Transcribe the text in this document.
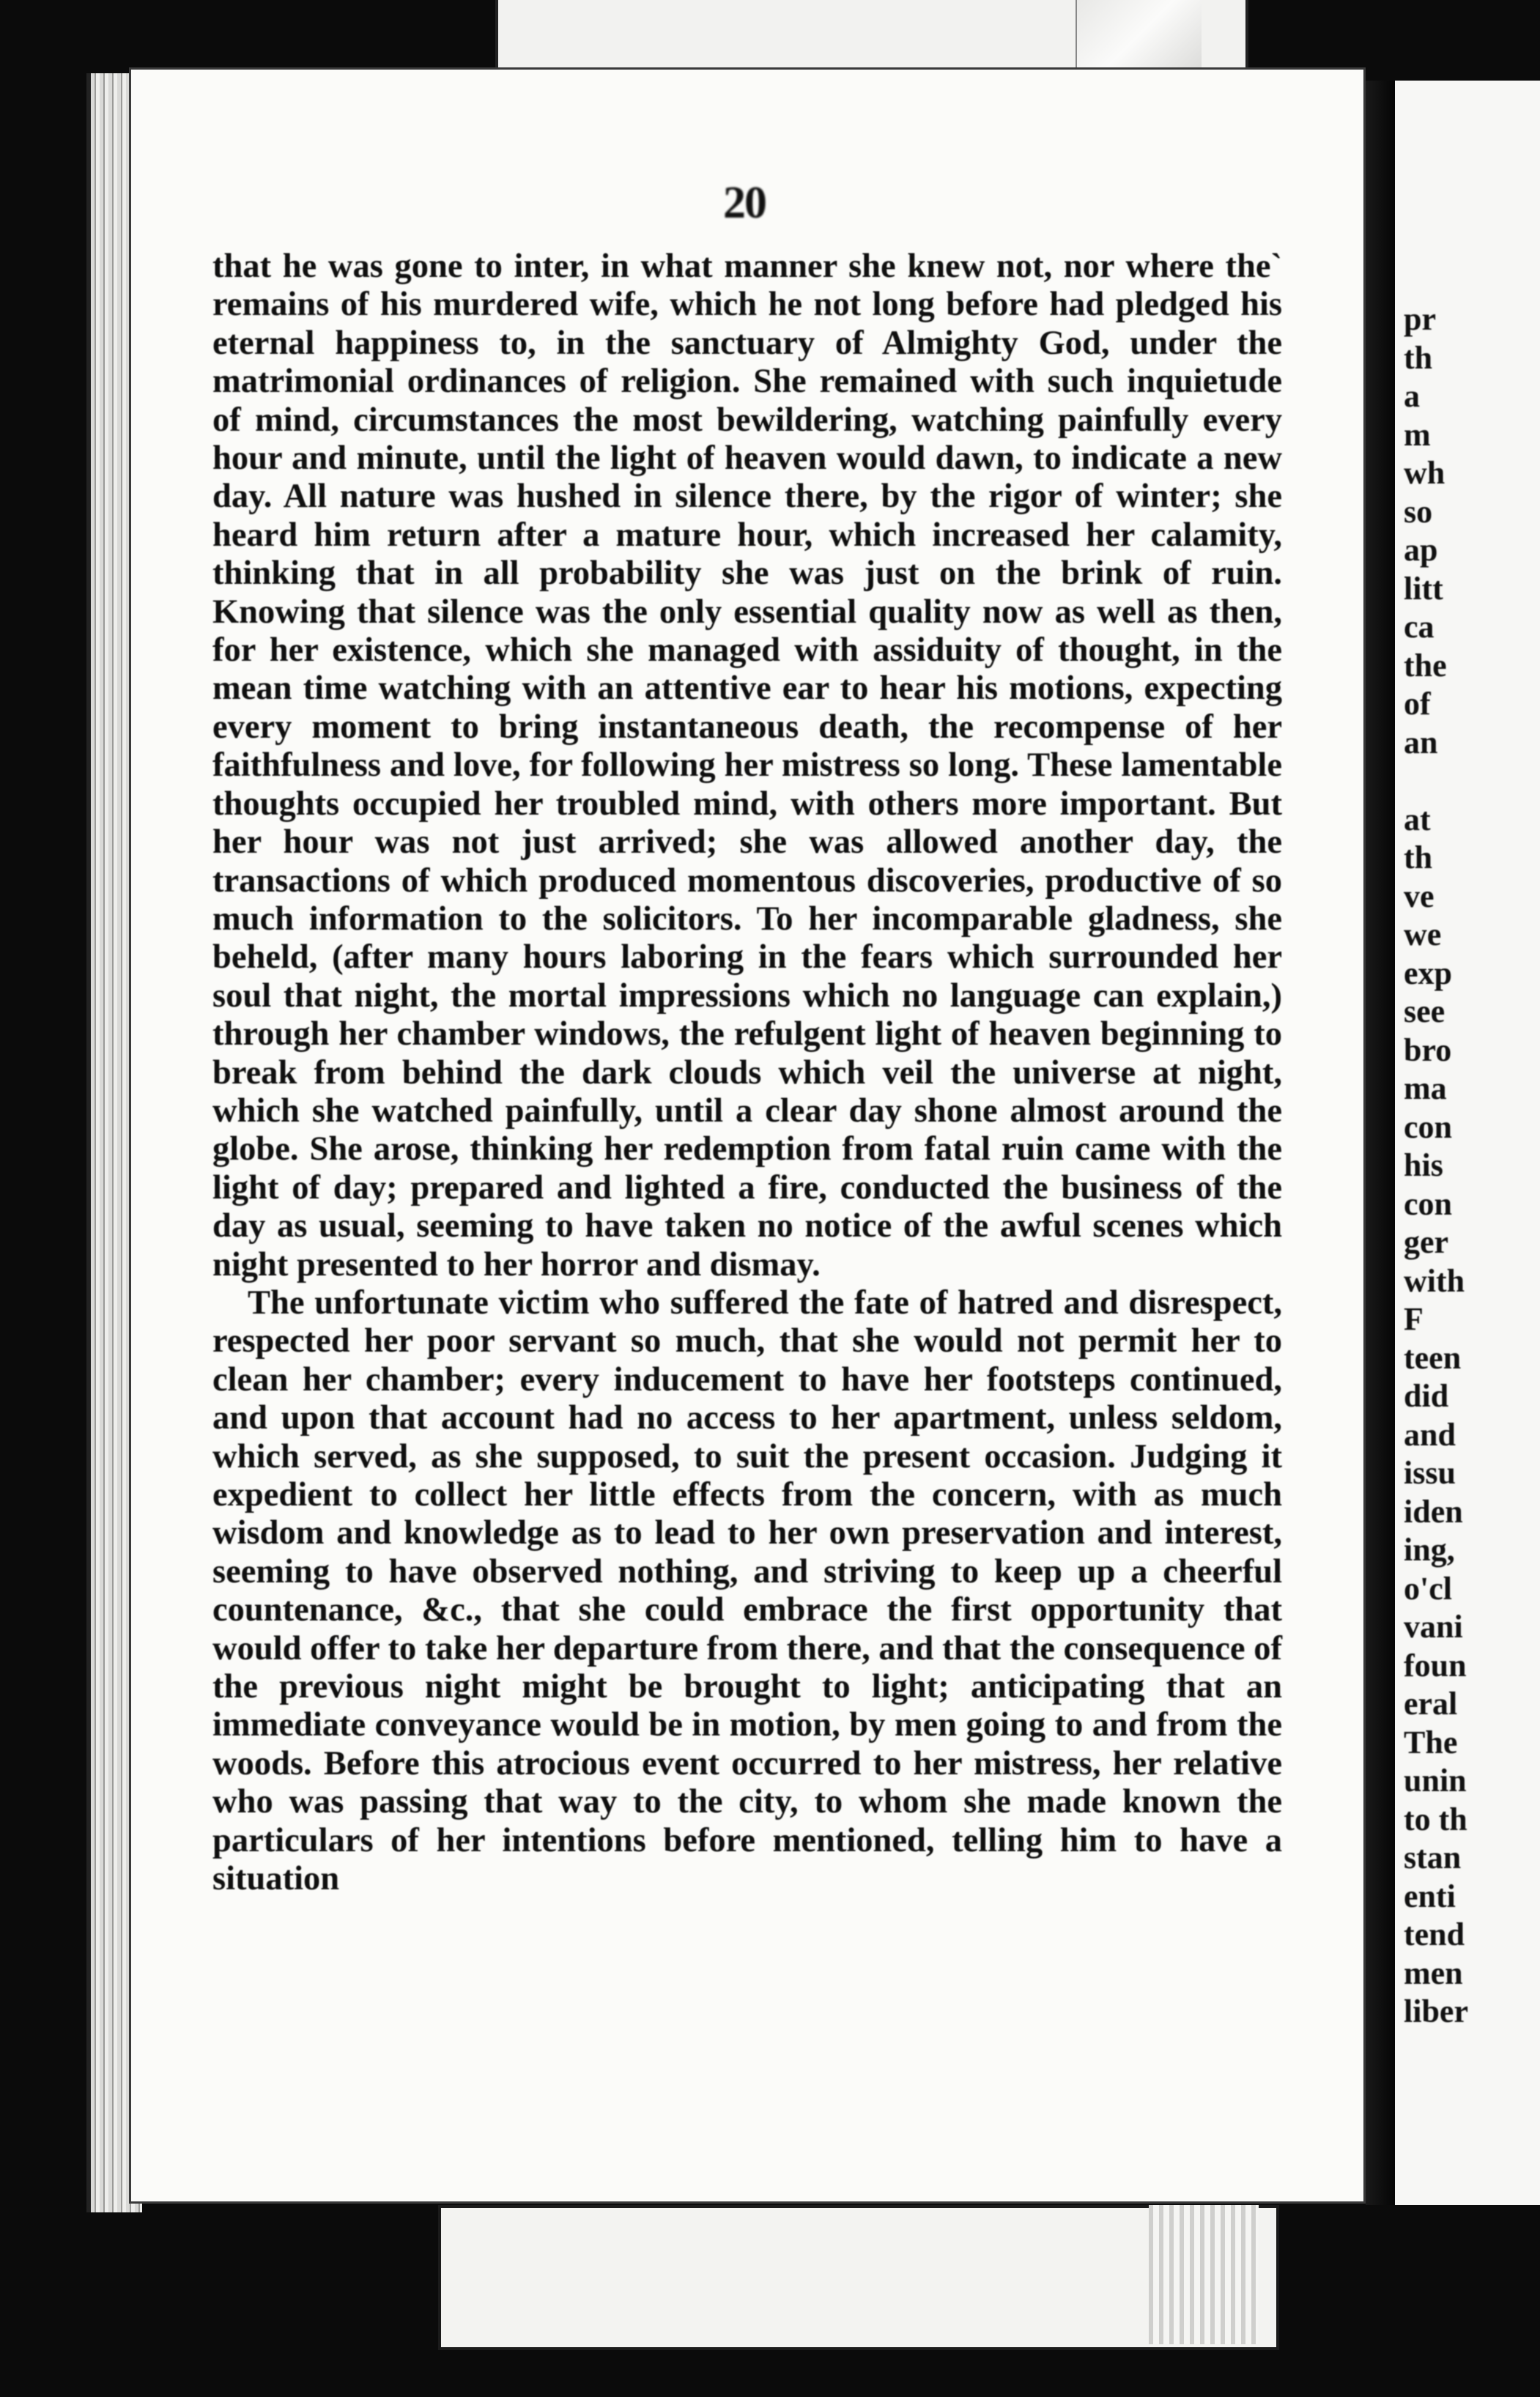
20

that he was gone to inter, in what manner she knew not, nor where the` remains of his murdered wife, which he not long before had pledged his eternal happiness to, in the sanctuary of Almighty God, under the matrimonial ordinances of religion. She remained with such inquietude of mind, circumstances the most bewildering, watching painfully every hour and minute, until the light of heaven would dawn, to indicate a new day. All nature was hushed in silence there, by the rigor of winter; she heard him return after a mature hour, which increased her calamity, thinking that in all probability she was just on the brink of ruin. Knowing that silence was the only essential quality now as well as then, for her existence, which she managed with assiduity of thought, in the mean time watching with an attentive ear to hear his motions, expecting every moment to bring instantaneous death, the recompense of her faithfulness and love, for following her mistress so long. These lamentable thoughts occupied her troubled mind, with others more important. But her hour was not just arrived; she was allowed another day, the transactions of which produced momentous discoveries, productive of so much information to the solicitors. To her incomparable gladness, she beheld, (after many hours laboring in the fears which surrounded her soul that night, the mortal impressions which no language can explain,) through her chamber windows, the refulgent light of heaven beginning to break from behind the dark clouds which veil the universe at night, which she watched painfully, until a clear day shone almost around the globe. She arose, thinking her redemption from fatal ruin came with the light of day; prepared and lighted a fire, conducted the business of the day as usual, seeming to have taken no notice of the awful scenes which night presented to her horror and dismay.

The unfortunate victim who suffered the fate of hatred and disrespect, respected her poor servant so much, that she would not permit her to clean her chamber; every inducement to have her footsteps continued, and upon that account had no access to her apartment, unless seldom, which served, as she supposed, to suit the present occasion. Judging it expedient to collect her little effects from the concern, with as much wisdom and knowledge as to lead to her own preservation and interest, seeming to have observed nothing, and striving to keep up a cheerful countenance, &c., that she could embrace the first opportunity that would offer to take her departure from there, and that the consequence of the previous night might be brought to light; anticipating that an immediate conveyance would be in motion, by men going to and from the woods. Before this atrocious event occurred to her mistress, her relative who was passing that way to the city, to whom she made known the particulars of her intentions before mentioned, telling him to have a situation

pr
th
a
m
wh
so
ap
litt
ca
the
of
an
at
th
ve
we
exp
see
bro
ma
con
his
con
ger
with
F
teen
did
and
issu
iden
ing,
o'cl
vani
foun
eral
The
unin
to th
stan
enti
tend
men
liber
